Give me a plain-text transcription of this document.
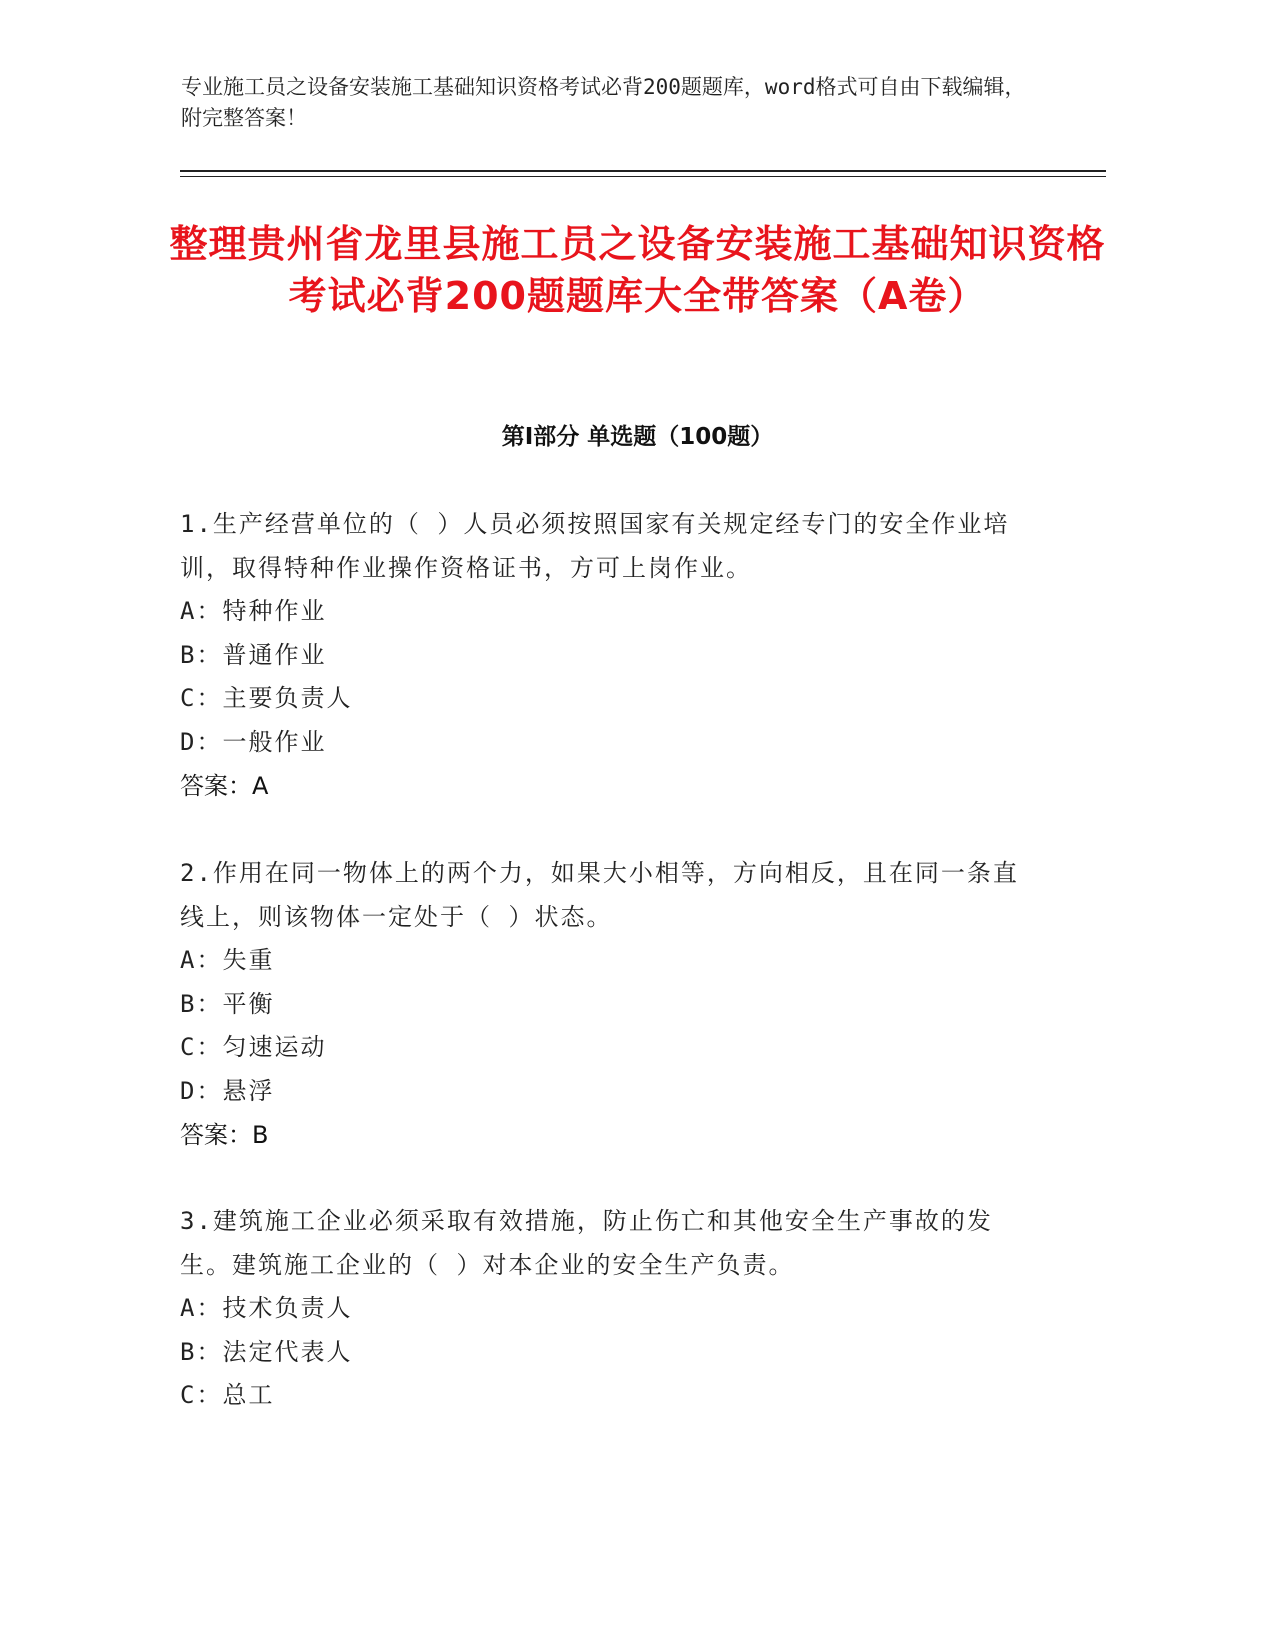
专业施工员之设备安装施工基础知识资格考试必背200题题库，word格式可自由下载编辑，附完整答案！
整理贵州省龙里县施工员之设备安装施工基础知识资格考试必背200题题库大全带答案（A卷）
第I部分 单选题（100题）

1.生产经营单位的（ ）人员必须按照国家有关规定经专门的安全作业培训，取得特种作业操作资格证书，方可上岗作业。

A：特种作业

B：普通作业

C：主要负责人

D：一般作业

答案：A

2.作用在同一物体上的两个力，如果大小相等，方向相反，且在同一条直线上，则该物体一定处于（ ）状态。

A：失重

B：平衡

C：匀速运动

D：悬浮

答案：B

3.建筑施工企业必须采取有效措施，防止伤亡和其他安全生产事故的发生。建筑施工企业的（ ）对本企业的安全生产负责。

A：技术负责人

B：法定代表人

C：总工
